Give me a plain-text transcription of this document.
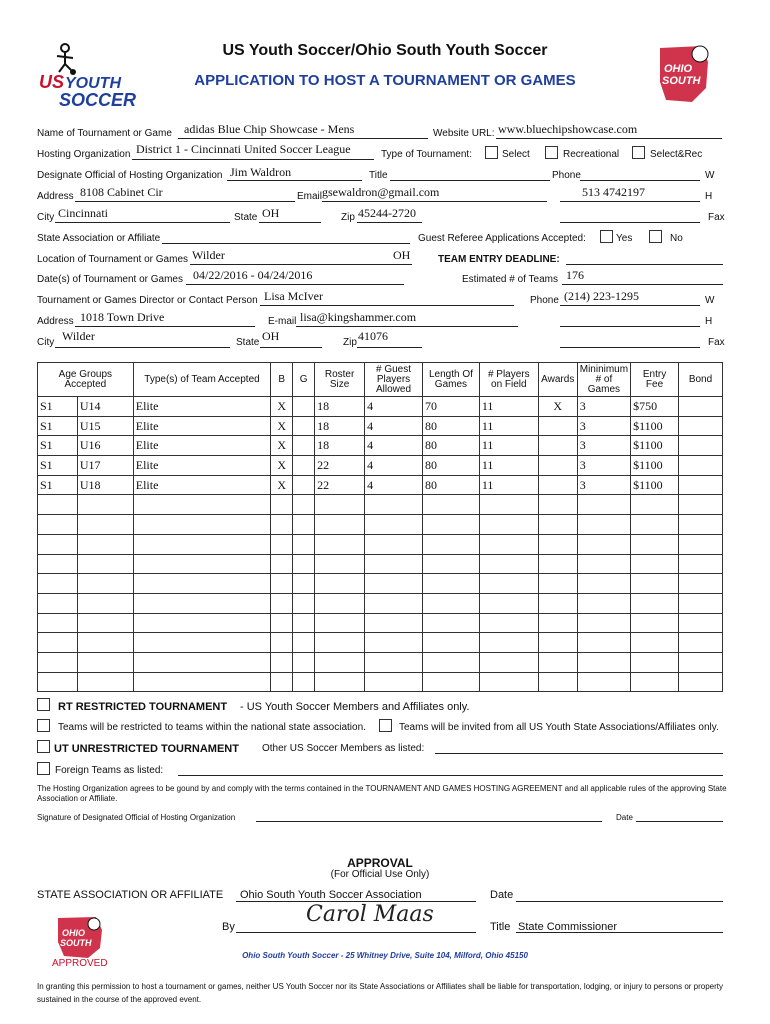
US YOUTH
SOCCER
US Youth Soccer/Ohio South Youth Soccer
APPLICATION TO HOST A TOURNAMENT OR GAMES
OHIO
SOUTH
Name of Tournament or Game adidas Blue Chip Showcase - Mens	Website URL: www.bluechipshowcase.com
Hosting Organization District 1 - Cincinnati United Soccer League	Type of Tournament:	Select	Recreational	Select&Rec
Designate Official of Hosting Organization Jim Waldron	Title	Phone	W
Address 8108 Cabinet Cir	Email gsewaldron@gmail.com	513 4742197	H
City Cincinnati	State OH	Zip 45244-2720	Fax
State Association or Affiliate	Guest Referee Applications Accepted:	Yes	No
Location of Tournament or Games Wilder	OH	TEAM ENTRY DEADLINE:
Date(s) of Tournament or Games 04/22/2016 - 04/24/2016	Estimated # of Teams 176
Tournament or Games Director or Contact Person Lisa McIver	Phone (214) 223-1295	W
Address 1018 Town Drive	E-mail lisa@kingshammer.com	H
City Wilder	State OH	Zip 41076	Fax
Age Groups Accepted		Type(s) of Team Accepted	B	G	Roster Size	# Guest Players Allowed	Length Of Games	# Players on Field	Awards	Mininimum # of Games	Entry Fee	Bond
S1	U14	Elite	X		18	4	70	11	X	3	$750	
S1	U15	Elite	X		18	4	80	11		3	$1100	
S1	U16	Elite	X		18	4	80	11		3	$1100	
S1	U17	Elite	X		22	4	80	11		3	$1100	
S1	U18	Elite	X		22	4	80	11		3	$1100	

RT RESTRICTED TOURNAMENT - US Youth Soccer Members and Affiliates only.
Teams will be restricted to teams within the national state association.	Teams will be invited from all US Youth State Associations/Affiliates only.
UT UNRESTRICTED TOURNAMENT Other US Soccer Members as listed:
Foreign Teams as listed:
The Hosting Organization agrees to be gound by and comply with the terms contained in the TOURNAMENT AND GAMES HOSTING AGREEMENT and all applicable rules of the approving State Association or Affiliate.
Signature of Designated Official of Hosting Organization	Date
APPROVAL
(For Official Use Only)
STATE ASSOCIATION OR AFFILIATE Ohio South Youth Soccer Association	Date
OHIO
SOUTH
APPROVED
By	Carol Maas	Title State Commissioner
Ohio South Youth Soccer - 25 Whitney Drive, Suite 104, Milford, Ohio 45150
In granting this permission to host a tournament or games, neither US Youth Soccer nor its State Associations or Affiliates shall be liable for transportation, lodging, or injury to persons or property sustained in the course of the approved event.
